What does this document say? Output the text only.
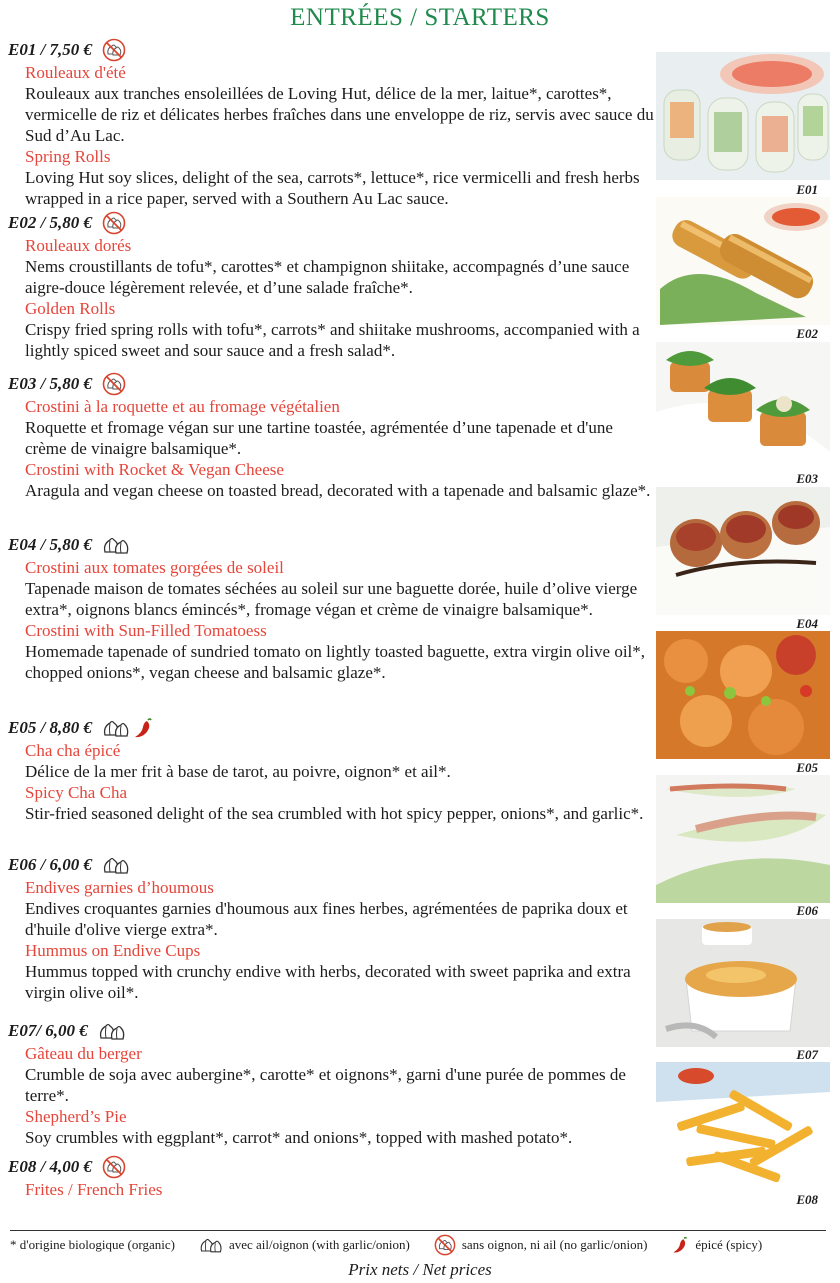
ENTRÉES / STARTERS
E01 / 7,50 €
Rouleaux d'été
Rouleaux aux tranches ensoleillées de Loving Hut, délice de la mer, laitue*, carottes*, vermicelle de riz et délicates herbes fraîches dans une enveloppe de riz, servis avec sauce du Sud d’Au Lac.
Spring Rolls
Loving Hut soy slices, delight of the sea, carrots*, lettuce*, rice vermicelli and fresh herbs wrapped in a rice paper, served with a Southern Au Lac sauce.
E02 / 5,80 €
Rouleaux dorés
Nems croustillants de tofu*, carottes* et champignon shiitake, accompagnés d’une sauce aigre-douce légèrement relevée, et d’une salade fraîche*.
Golden Rolls
Crispy fried spring rolls with tofu*, carrots* and shiitake mushrooms, accompanied with a lightly spiced sweet and sour sauce and a fresh salad*.
E03 / 5,80 €
Crostini à la roquette et au fromage végétalien
Roquette et fromage végan sur une tartine toastée, agrémentée d’une tapenade et d'une crème de vinaigre balsamique*.
Crostini with Rocket & Vegan Cheese
Aragula and vegan cheese on toasted bread, decorated with a tapenade and balsamic glaze*.
E04 / 5,80 €
Crostini aux tomates gorgées de soleil
Tapenade maison de tomates séchées au soleil sur une baguette dorée, huile d’olive vierge extra*, oignons blancs émincés*, fromage végan et crème de vinaigre balsamique*.
Crostini with Sun-Filled Tomatoess
Homemade tapenade of sundried tomato on lightly toasted baguette, extra virgin olive oil*, chopped onions*, vegan cheese and balsamic glaze*.
E05 / 8,80 €
Cha cha épicé
Délice de la mer frit à base de tarot, au poivre, oignon* et ail*.
Spicy Cha Cha
Stir-fried seasoned delight of the sea crumbled with hot spicy pepper, onions*, and garlic*.
E06 / 6,00 €
Endives garnies d’houmous
Endives croquantes garnies d'houmous aux fines herbes, agrémentées de paprika doux et d'huile d'olive vierge extra*.
Hummus on Endive Cups
Hummus topped with crunchy endive with herbs, decorated with sweet paprika and extra virgin olive oil*.
E07/ 6,00 €
Gâteau du berger
Crumble de soja avec aubergine*, carotte* et oignons*, garni d'une purée de pommes de terre*.
Shepherd’s Pie
Soy crumbles with eggplant*, carrot* and onions*, topped with mashed potato*.
E08 / 4,00 €
Frites / French Fries
E01
E02
E03
E04
E05
E06
E07
E08
* d'origine biologique (organic)	avec ail/oignon (with garlic/onion)	sans oignon, ni ail (no garlic/onion)	épicé (spicy)
Prix nets / Net prices
